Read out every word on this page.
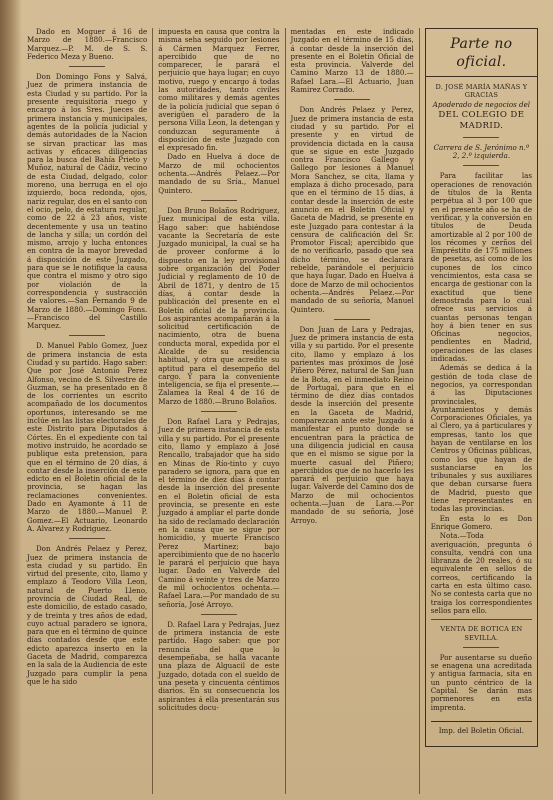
Dado en Moguer á 16 de Marzo de 1880.—Francisco Marquez.—P. M. de S. S. Federico Meza y Bueno.

Don Domingo Fons y Salvá, Juez de primera instancia de esta Ciudad y su partido. Por la presente requisitoria ruego y encargo á los Sres. Jueces de primera instancia y municipales, agentes de la policía judicial y demás autoridades de la Nacion se sirvan practicar las mas activas y eficaces diligencias para la busca del Bahía Prieto y Muñoz, natural de Cádiz, vecino de esta Ciudad, delgado, color moreno, una berruga en el ojo izquierdo, boca redonda, ojos, nariz regular, dos en el santo con el ocio, pelo, de estatura regular, como de 22 á 23 años, viste decentemente y usa un teatino de lancha y silla; un cordón del mismo, arrojo y lucha entonces en contra de la mayor brevedad á disposición de este Juzgado, para que se le notifique la causa que contra el mismo y otro sigo por violación de la correspondencia y sustracción de valores.—San Fernando 9 de Marzo de 1880.—Domingo Fons.—Francisco del Castillo Marquez.

D. Manuel Pablo Gomez, Juez de primera instancia de esta Ciudad y su partido. Hago saber: Que por José Antonio Perez Alfonso, vecino de S. Silvestre de Guzman, se ha presentado en 8 de los corrientes un escrito acompañado de los documentos oportunos, interesando se me inclúe en las listas electorales de este Distrito para Diputados á Córtes. En el expediente con tal motivo instruido, he acordado se publique esta pretension, para que en el término de 20 días, á contar desde la inserción de este edicto en el Boletin oficial de la provincia, se hagan las reclamaciones convenientes. Dado en Ayamonte á 11 de Marzo de 1880.—Manuel P. Gomez.—El Actuario, Leonardo A. Alvarez y Rodriguez.

Don Andrés Pelaez y Perez, Juez de primera instancia de esta ciudad y su partido. En virtud del presente, cito, llamo y emplazo á Teodoro Villa Leon, natural de Puerto Lleno, provincia de Ciudad Real, de este domicilio, de estado casado, y de treinta y tres años de edad, cuyo actual paradero se ignora, para que en el término de quince días contados desde que este edicto aparezca inserto en la Gaceta de Madrid, comparezca en la sala de la Audiencia de este Juzgado para cumplir la pena que le ha sido

impuesta en causa que contra la misma seha seguido por lesiones á Cármen Marquez Ferrer, apercibido que de no comparecer, le parará el perjuicio que haya lugar; en cuyo motivo, ruego y encargo á todas las autoridades, tanto civiles como militares y demás agentes de la policía judicial que sepan ó averigüen el paradero de la persona Villa Leon, la detengan y conduzcan seguramente á disposición de este Juzgado con el expresado fin.

Dado en Huelva á doce de Marzo de mil ochocientos ochenta.—Andrés Pelaez.—Por mandado de su Sría., Manuel Quintero.

Don Bruno Bolaños Rodriguez, Juez municipal de esta villa. Hago saber: que habiéndose vacante la Secretaría de este Juzgado municipal, la cual se ha de proveer conforme á lo dispuesto en la ley provisional sobre organización del Poder Judicial y reglamento de 10 de Abril de 1871, y dentro de 15 días, á contar desde la publicación del presente en el Boletín oficial de la provincia. Los aspirantes acompañarán á la solicitud certificación de nacimiento, otra de buena conducta moral, expedida por el Alcalde de su residencia habitual, y otra que acredite su aptitud para el desempeño del cargo. Y para la conveniente inteligencia, se fija el presente.—Zalamea la Real 4 de 16 de Marzo de 1880.—Bruno Bolaños.

Don Rafael Lara y Pedrajas, Juez de primera instancia de esta villa y su partido. Por el presente cito, llamo y emplazo á José Rencallo, trabajador que ha sido en Minas de Río-tinto y cuyo paradero se ignora, para que en el término de diez días á contar desde la inserción del presente en el Boletin oficial de esta provincia, se presente en este Juzgado á ampliar el parte donde ha sido de reclamado declaración en la causa que se sigue por homicidio, y muerte Francisco Perez Martinez; bajo apercibimiento que de no hacerlo le parará el perjuicio que haya lugar. Dado en Valverde del Camino á veinte y tres de Marzo de mil ochocientos ochenta.—Rafael Lara.—Por mandado de su señoría, José Arroyo.

D. Rafael Lara y Pedrajas, Juez de primera instancia de este partido. Hago saber: que por renuncia del que lo desempeñaba, se halla vacante una plaza de Alguacil de este Juzgado, dotada con el sueldo de una peseta y cincuenta céntimos diarios. En su consecuencia los aspirantes á ella presentarán sus solicitudes docu-

mentadas en este indicado Juzgado en el término de 15 días, á contar desde la inserción del presente en el Boletín Oficial de esta provincia. Valverde del Camino Marzo 13 de 1880.—Rafael Lara.—El Actuario, Juan Ramirez Corrado.

Don Andrés Pelaez y Perez, Juez de primera instancia de esta ciudad y su partido. Por el presente y en virtud de providencia dictada en la causa que se sigue en este Juzgado contra Francisco Gallego y Gallego por lesiones á Manuel Mora Sanchez, se cita, llama y emplaza á dicho procesado, para que en el término de 15 días, á contar desde la inserción de este anuncio en el Boletin Oficial y Gaceta de Madrid, se presente en este Juzgado para contestar á la censura de calificación del Sr. Promotor Fiscal; apercibido que de no verificarlo, pasado que sea dicho término, se declarará rebelde, parándole el perjuicio que haya lugar. Dado en Huelva á doce de Marzo de mil ochocientos ochenta.—Andrés Pelaez.—Por mandado de su señoría, Manuel Quintero.

Don Juan de Lara y Pedrajas, Juez de primera instancia de esta villa y su partido. Por el presente cito, llamo y emplazo á los parientes mas próximos de José Piñero Pérez, natural de San Juan de la Bota, en el inmediato Reino de Portugal, para que en el término de diez días contados desde la inserción del presente en la Gaceta de Madrid, comparezcan ante este Juzgado á manifestar el punto donde se encuentran para la práctica de una diligencia judicial en causa que en el mismo se sigue por la muerte casual del Piñero; apercibidos que de no hacerlo les parará el perjuicio que haya lugar. Valverde del Camino dos de Marzo de mil ochocientos ochenta.—Juan de Lara.—Por mandado de su señoría, José Arroyo.

Parte no oficial.

D. JOSÉ MARÍA MAÑAS Y GRACIAS

Apoderado de negocios del

DEL COLEGIO DE MADRID.

Carrera de S. Jerónimo n.º 2, 2.º izquierda.

Para facilitar las operaciones de renovación de títulos de la Renta perpétua al 3 por 100 que en el presente año se ha de verificar, y la conversión en títulos de Deuda amortizable al 2 por 100 de los récomes y cerños del Empréstito de 175 millones de pesetas, así como de los cupones de los cinco vencimientos, esta casa se encarga de gestionar con la exactitud que tiene demostrada para lo cual ofrece sus servicios á cuantas personas tengan hoy á bien tener en sus Oficinas negocios, pendientes en Madrid, operaciones de las clases indicadas.

Además se dedica á la gestión de toda clase de negocios, ya correspondan á las Diputaciones provinciales, Ayuntamientos y demás Corporaciones Oficiales, ya al Clero, ya á particulares y empresas, tanto los que hayan de ventilarse en los Centros y Oficinas públicas, como los que hayan de sustanciarse en los tribunales y sus auxiliares que deban cursarse fuera de Madrid, puesto que tiene representantes en todas las provincias.

En esta lo es Don Enrique Gomero.

Nota.—Toda averiguación, pregunta ó consulta, vendrá con una libranza de 20 reales, ó su equivalente en sellos de correos, certificando la carta en esta último caso. No se contesta carta que no traiga los correspondientes sellos para ello.

VENTA DE BOTICA EN SEVILLA.

Por ausentarse su dueño se enagena una acreditada y antigua farmacia, sita en un punto céntrico de la Capital. Se darán mas pormenores en esta imprenta.

Imp. del Boletin Oficial.
